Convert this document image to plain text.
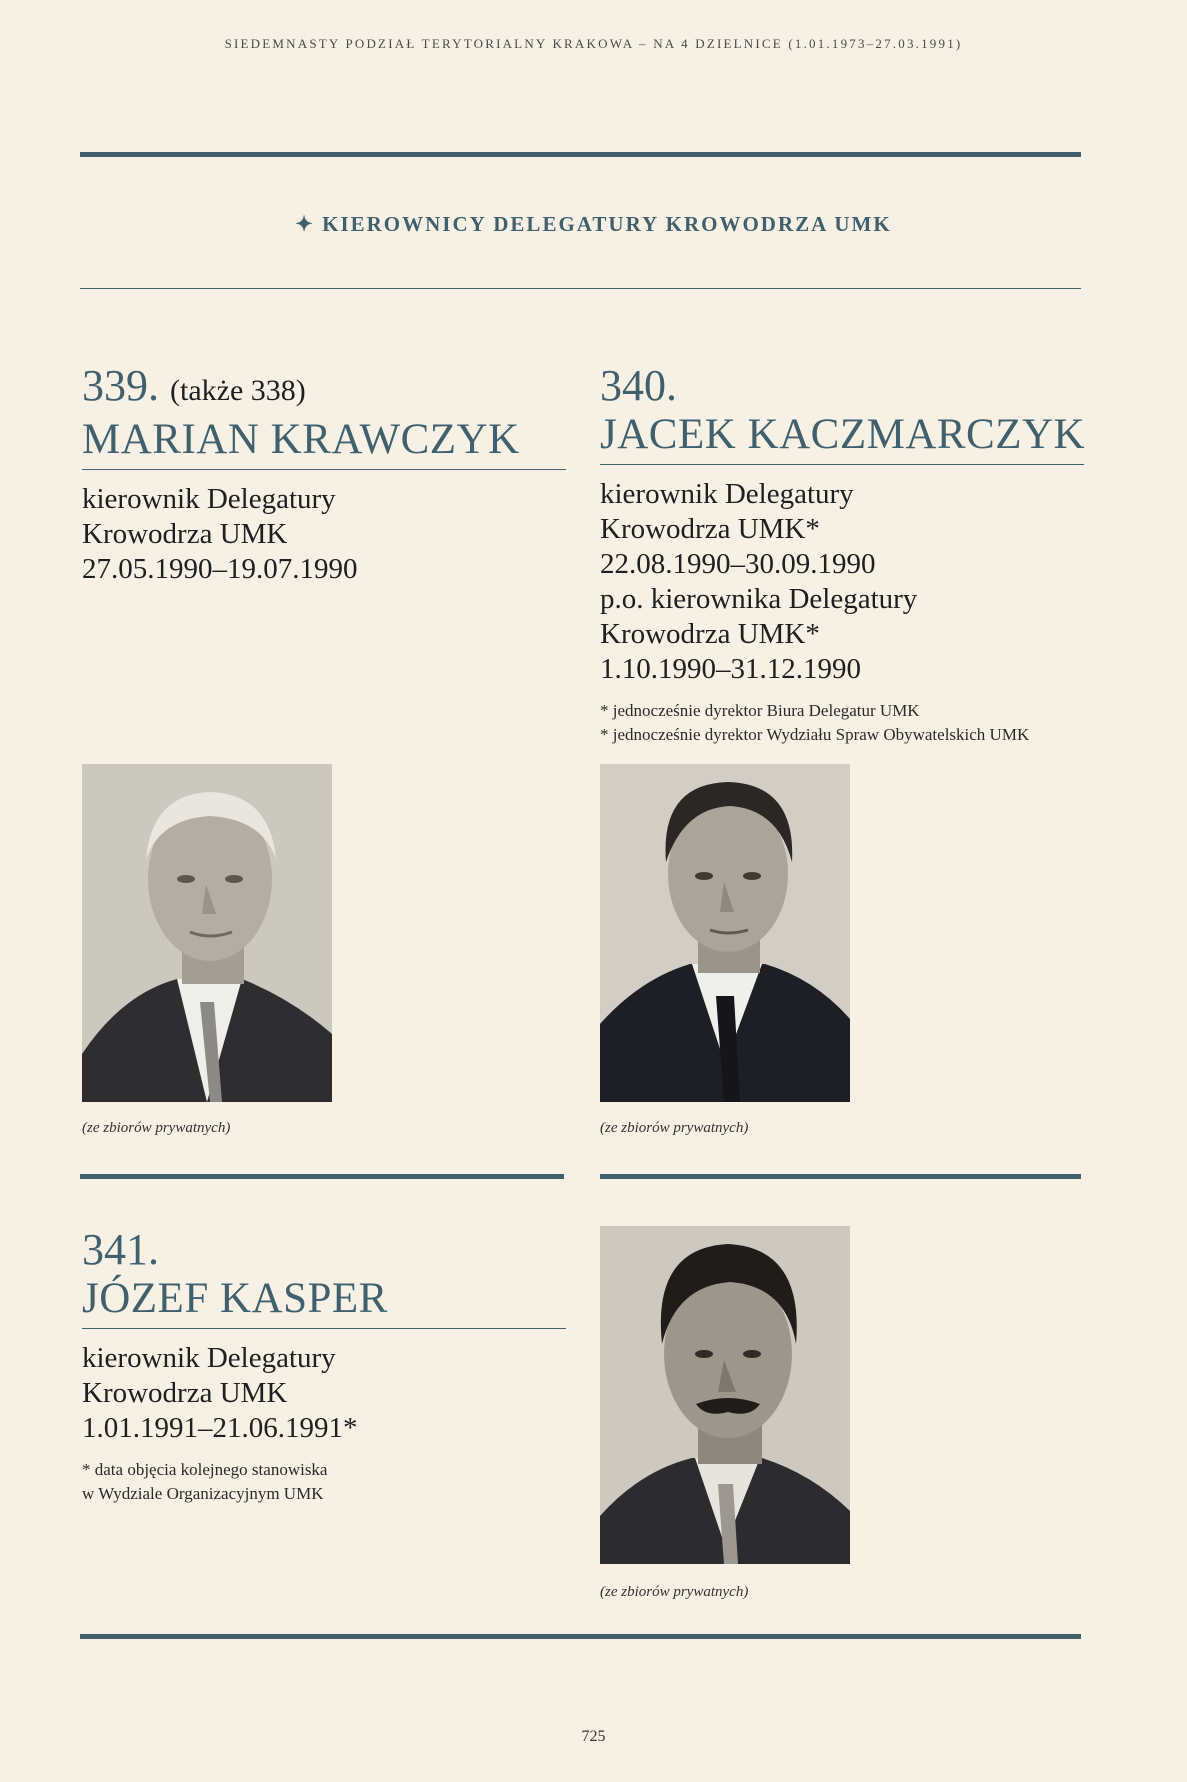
SIEDEMNASTY PODZIAŁ TERYTORIALNY KRAKOWA – NA 4 DZIELNICE (1.01.1973–27.03.1991)
✦ KIEROWNICY DELEGATURY KROWODRZA UMK
339. (także 338)
MARIAN KRAWCZYK
kierownik Delegatury
Krowodrza UMK
27.05.1990–19.07.1990
340.
JACEK KACZMARCZYK
kierownik Delegatury
Krowodrza UMK*
22.08.1990–30.09.1990
p.o. kierownika Delegatury
Krowodrza UMK*
1.10.1990–31.12.1990
* jednocześnie dyrektor Biura Delegatur UMK
* jednocześnie dyrektor Wydziału Spraw Obywatelskich UMK
(ze zbiorów prywatnych)	(ze zbiorów prywatnych)
341.
JÓZEF KASPER
kierownik Delegatury
Krowodrza UMK
1.01.1991–21.06.1991*
* data objęcia kolejnego stanowiska
w Wydziale Organizacyjnym UMK
(ze zbiorów prywatnych)
725
